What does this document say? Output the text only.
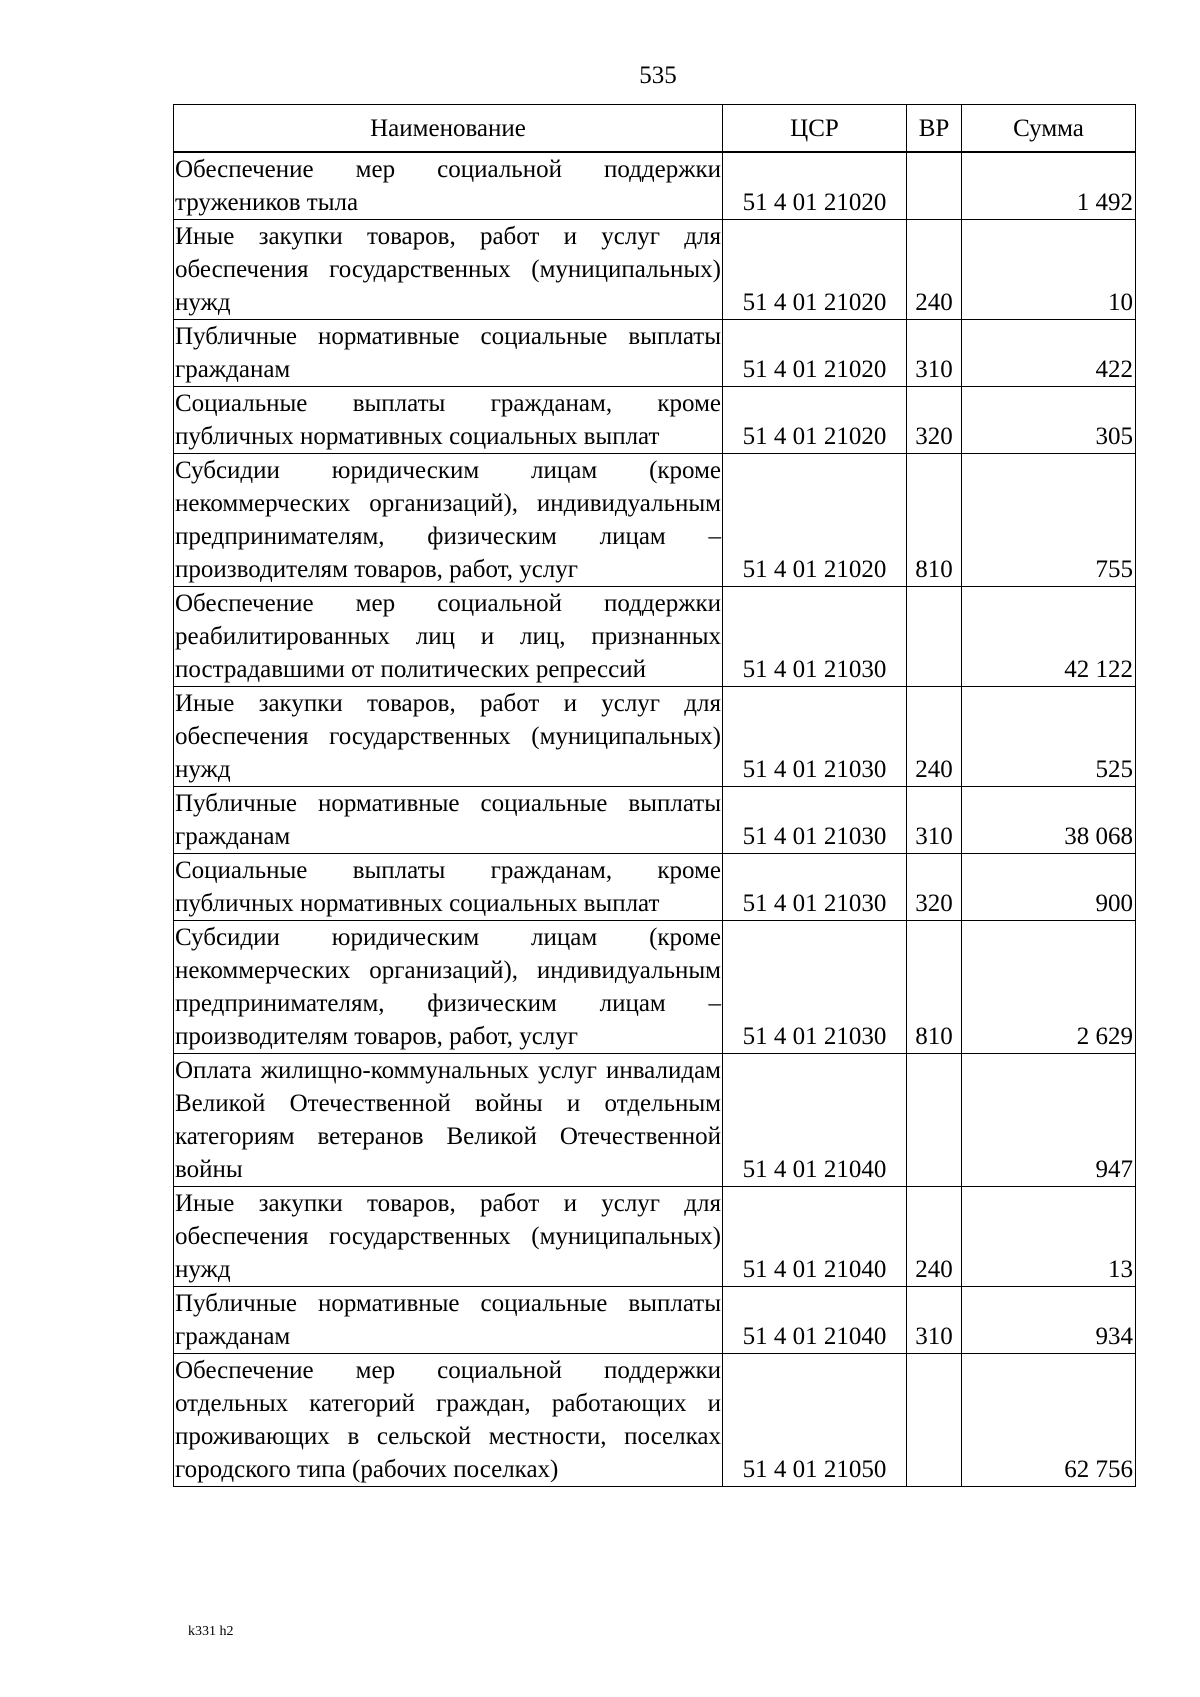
535
Наименование	ЦСР	ВР	Сумма
Обеспечение мер социальной поддержки тружеников тыла	51 4 01 21020		1 492
Иные закупки товаров, работ и услуг для обеспечения государственных (муниципальных) нужд	51 4 01 21020	240	10
Публичные нормативные социальные выплаты гражданам	51 4 01 21020	310	422
Социальные выплаты гражданам, кроме публичных нормативных социальных выплат	51 4 01 21020	320	305
Субсидии юридическим лицам (кроме некоммерческих организаций), индивидуальным предпринимателям, физическим лицам – производителям товаров, работ, услуг	51 4 01 21020	810	755
Обеспечение мер социальной поддержки реабилитированных лиц и лиц, признанных пострадавшими от политических репрессий	51 4 01 21030		42 122
Иные закупки товаров, работ и услуг для обеспечения государственных (муниципальных) нужд	51 4 01 21030	240	525
Публичные нормативные социальные выплаты гражданам	51 4 01 21030	310	38 068
Социальные выплаты гражданам, кроме публичных нормативных социальных выплат	51 4 01 21030	320	900
Субсидии юридическим лицам (кроме некоммерческих организаций), индивидуальным предпринимателям, физическим лицам – производителям товаров, работ, услуг	51 4 01 21030	810	2 629
Оплата жилищно-коммунальных услуг инвалидам Великой Отечественной войны и отдельным категориям ветеранов Великой Отечественной войны	51 4 01 21040		947
Иные закупки товаров, работ и услуг для обеспечения государственных (муниципальных) нужд	51 4 01 21040	240	13
Публичные нормативные социальные выплаты гражданам	51 4 01 21040	310	934
Обеспечение мер социальной поддержки отдельных категорий граждан, работающих и проживающих в сельской местности, поселках городского типа (рабочих поселках)	51 4 01 21050		62 756
k331 h2
